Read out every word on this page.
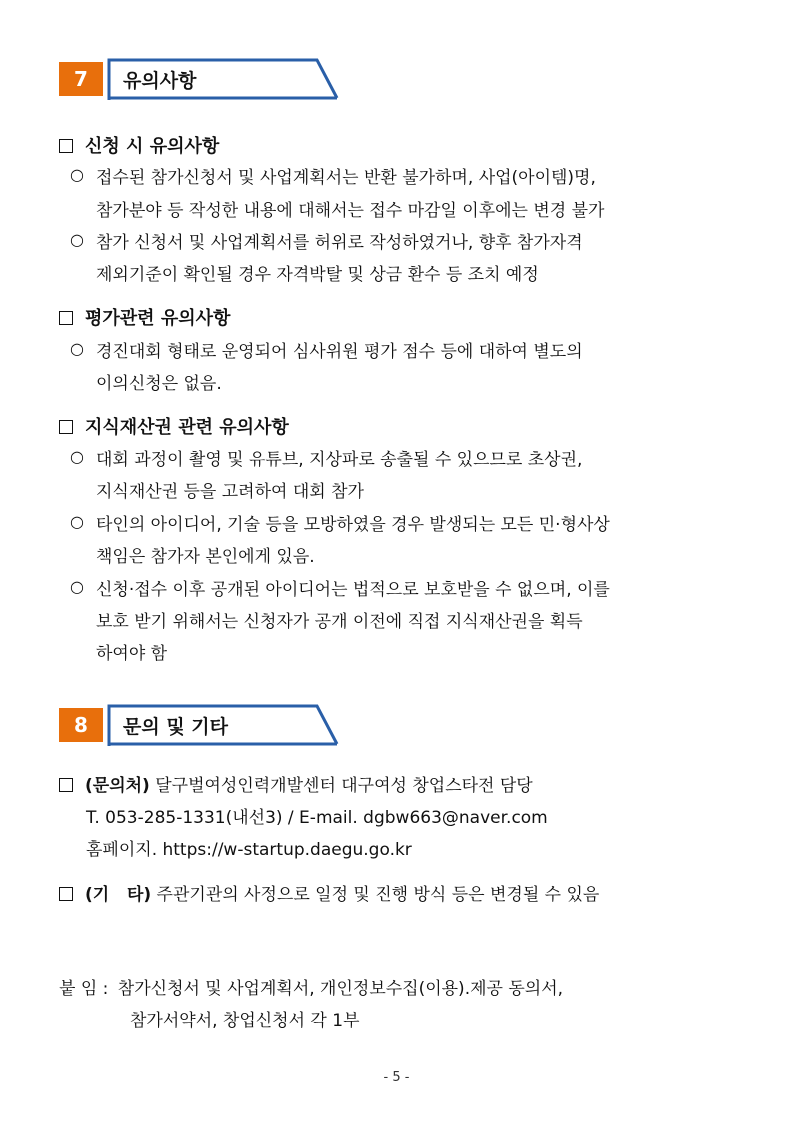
7	유의사항
신청 시 유의사항
○ 접수된 참가신청서 및 사업계획서는 반환 불가하며, 사업(아이템)명,
참가분야 등 작성한 내용에 대해서는 접수 마감일 이후에는 변경 불가
○ 참가 신청서 및 사업계획서를 허위로 작성하였거나, 향후 참가자격
제외기준이 확인될 경우 자격박탈 및 상금 환수 등 조치 예정
평가관련 유의사항
○ 경진대회 형태로 운영되어 심사위원 평가 점수 등에 대하여 별도의
이의신청은 없음.
지식재산권 관련 유의사항
○ 대회 과정이 촬영 및 유튜브, 지상파로 송출될 수 있으므로 초상권,
지식재산권 등을 고려하여 대회 참가
○ 타인의 아이디어, 기술 등을 모방하였을 경우 발생되는 모든 민·형사상
책임은 참가자 본인에게 있음.
○ 신청·접수 이후 공개된 아이디어는 법적으로 보호받을 수 없으며, 이를
보호 받기 위해서는 신청자가 공개 이전에 직접 지식재산권을 획득
하여야 함
8	문의 및 기타
(문의처) 달구벌여성인력개발센터 대구여성 창업스타전 담당
T. 053-285-1331(내선3) / E-mail. dgbw663@naver.com
홈페이지. https://w-startup.daegu.go.kr
(기   타) 주관기관의 사정으로 일정 및 진행 방식 등은 변경될 수 있음
붙 임 : 참가신청서 및 사업계획서, 개인정보수집(이용).제공 동의서,
참가서약서, 창업신청서 각 1부
- 5 -
